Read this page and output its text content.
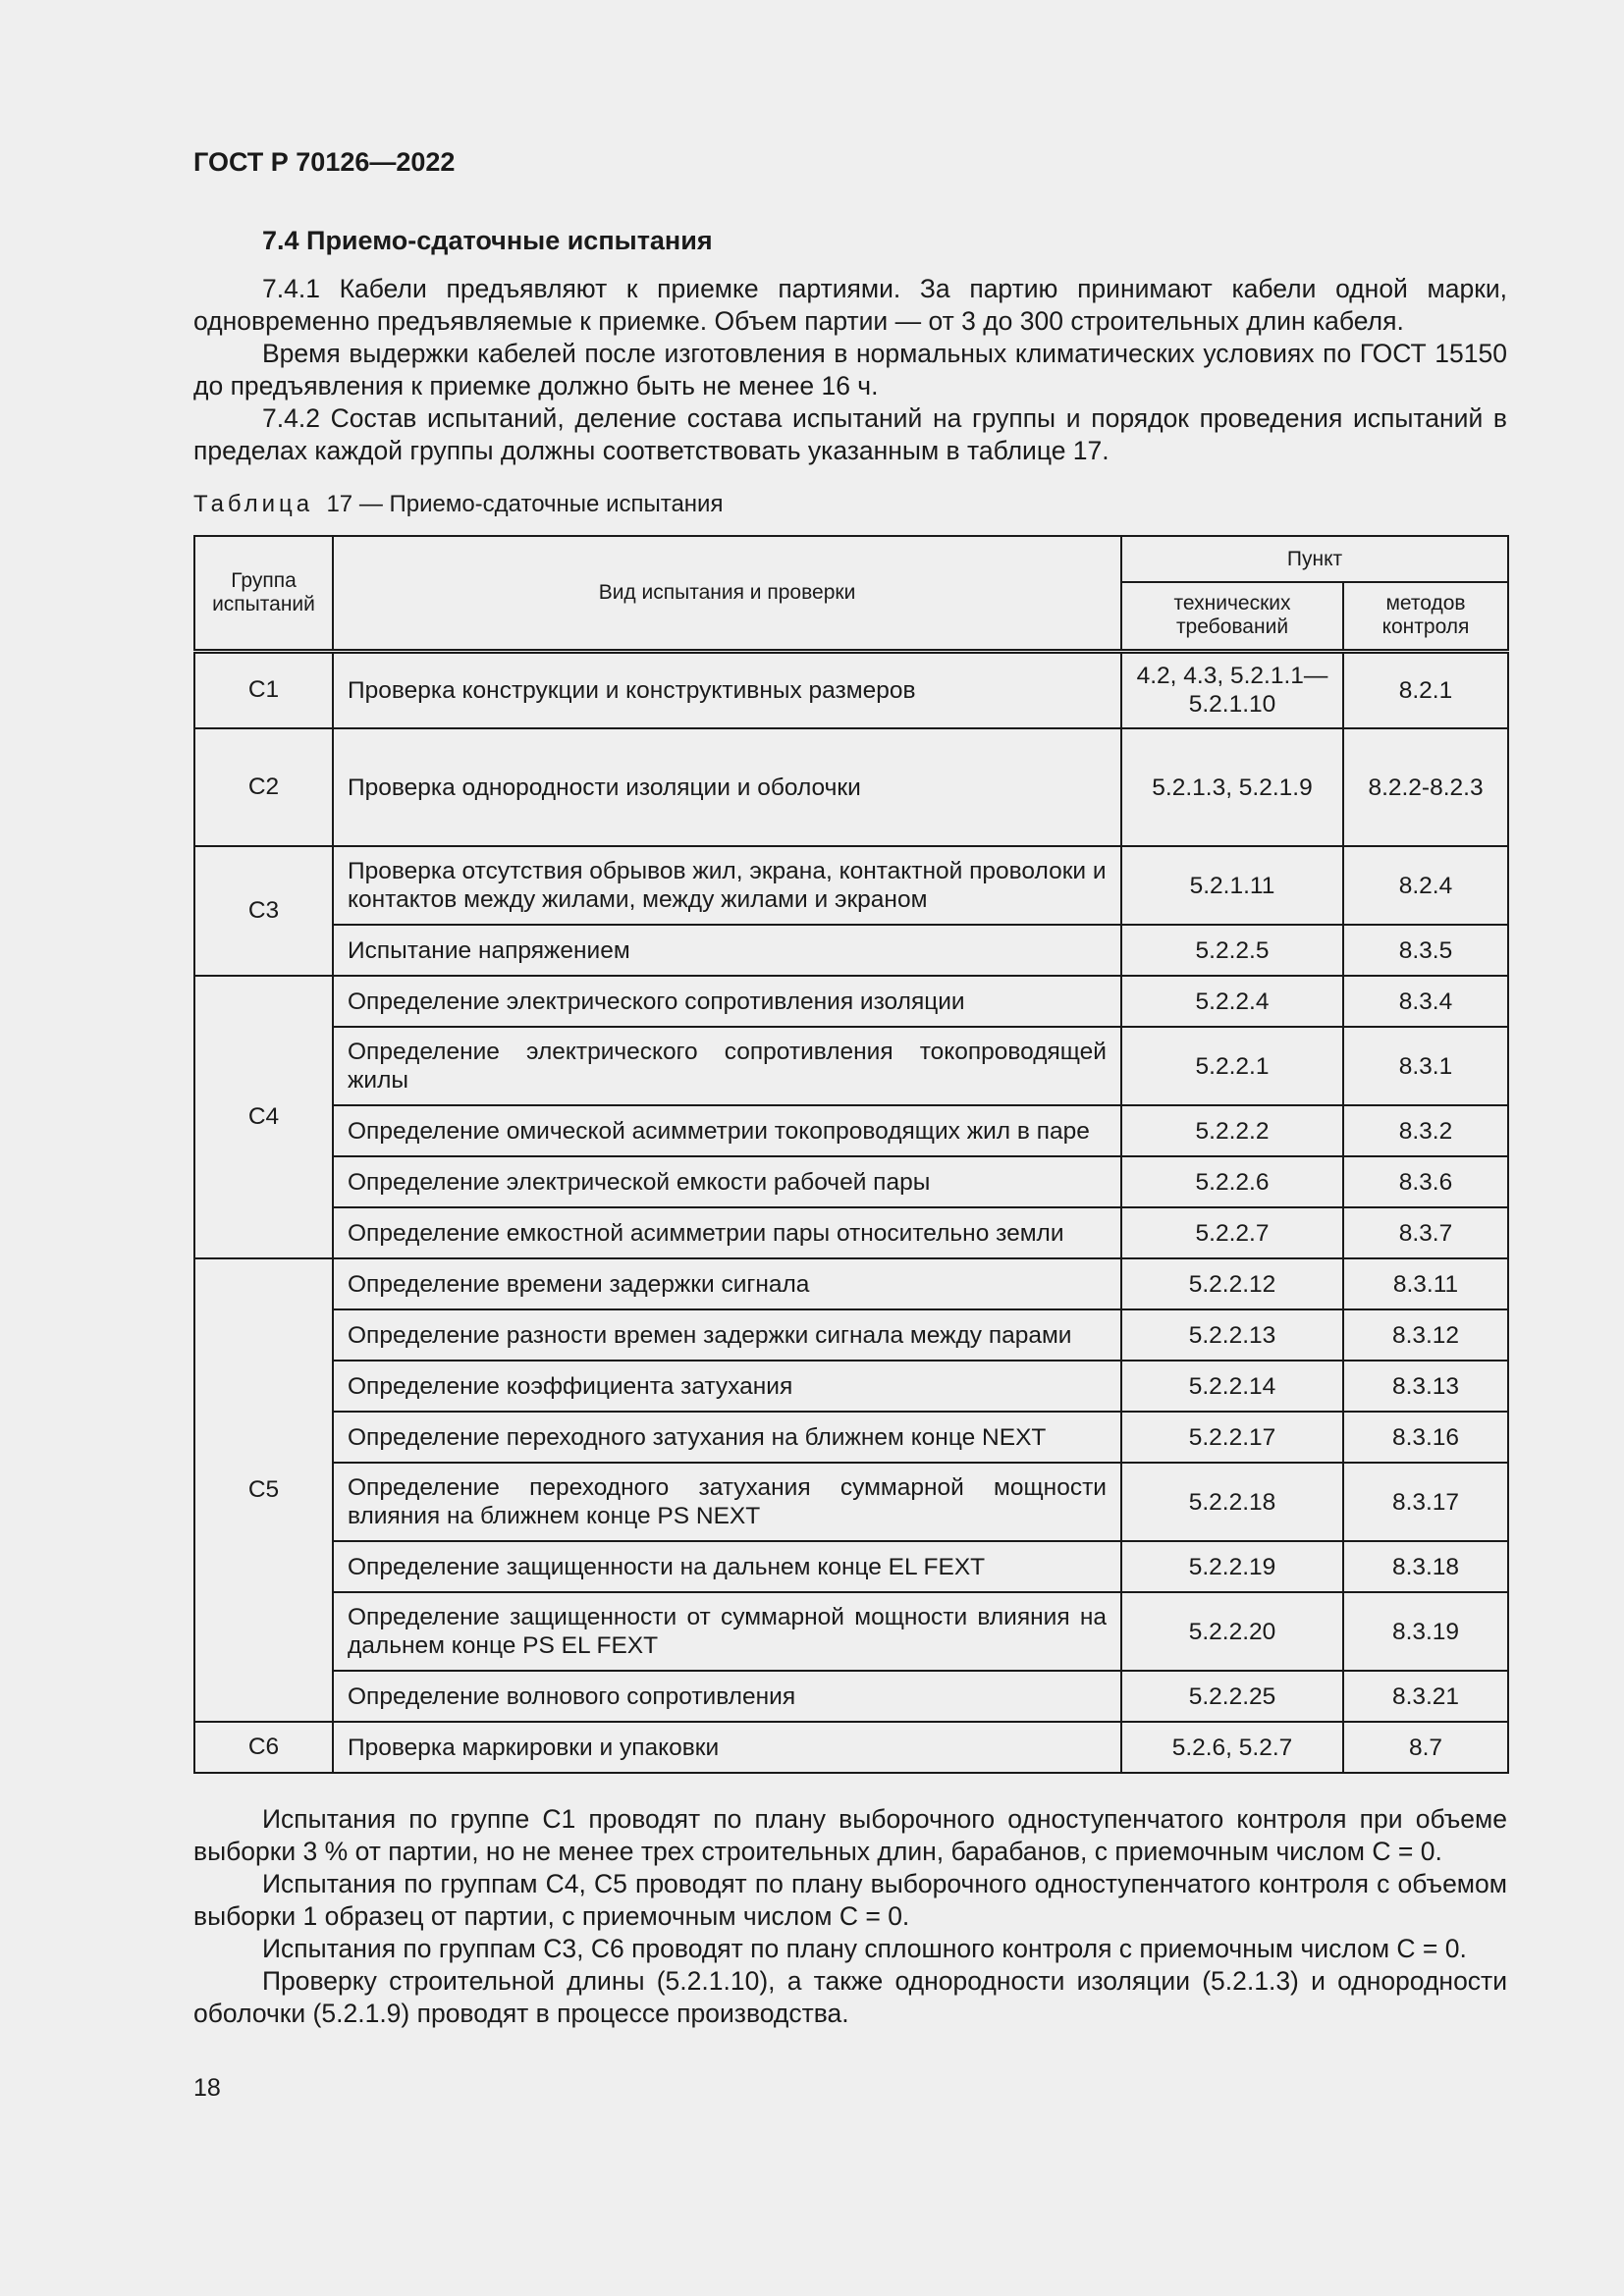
ГОСТ Р 70126—2022
7.4 Приемо-сдаточные испытания

7.4.1 Кабели предъявляют к приемке партиями. За партию принимают кабели одной марки, одновременно предъявляемые к приемке. Объем партии — от 3 до 300 строительных длин кабеля.

Время выдержки кабелей после изготовления в нормальных климатических условиях по ГОСТ 15150 до предъявления к приемке должно быть не менее 16 ч.

7.4.2 Состав испытаний, деление состава испытаний на группы и порядок проведения испытаний в пределах каждой группы должны соответствовать указанным в таблице 17.

Таблица 17 — Приемо-сдаточные испытания
Группа испытаний	Вид испытания и проверки	Пункт	
		технических требований	методов контроля
С1	Проверка конструкции и конструктивных размеров	4.2, 4.3, 5.2.1.1—5.2.1.10	8.2.1
С2	Проверка однородности изоляции и оболочки	5.2.1.3, 5.2.1.9	8.2.2-8.2.3
С3	Проверка отсутствия обрывов жил, экрана, контактной проволоки и контактов между жилами, между жилами и экраном	5.2.1.11	8.2.4
	Испытание напряжением	5.2.2.5	8.3.5
С4	Определение электрического сопротивления изоляции	5.2.2.4	8.3.4
	Определение электрического сопротивления токопроводящей жилы	5.2.2.1	8.3.1
	Определение омической асимметрии токопроводящих жил в паре	5.2.2.2	8.3.2
	Определение электрической емкости рабочей пары	5.2.2.6	8.3.6
	Определение емкостной асимметрии пары относительно земли	5.2.2.7	8.3.7
С5	Определение времени задержки сигнала	5.2.2.12	8.3.11
	Определение разности времен задержки сигнала между парами	5.2.2.13	8.3.12
	Определение коэффициента затухания	5.2.2.14	8.3.13
	Определение переходного затухания на ближнем конце NEXT	5.2.2.17	8.3.16
	Определение переходного затухания суммарной мощности влияния на ближнем конце PS NEXT	5.2.2.18	8.3.17
	Определение защищенности на дальнем конце EL FEXT	5.2.2.19	8.3.18
	Определение защищенности от суммарной мощности влияния на дальнем конце PS EL FEXT	5.2.2.20	8.3.19
	Определение волнового сопротивления	5.2.2.25	8.3.21
С6	Проверка маркировки и упаковки	5.2.6, 5.2.7	8.7

Испытания по группе С1 проводят по плану выборочного одноступенчатого контроля при объеме выборки 3 % от партии, но не менее трех строительных длин, барабанов, с приемочным числом С = 0.

Испытания по группам С4, С5 проводят по плану выборочного одноступенчатого контроля с объемом выборки 1 образец от партии, с приемочным числом С = 0.

Испытания по группам С3, С6 проводят по плану сплошного контроля с приемочным числом С = 0.

Проверку строительной длины (5.2.1.10), а также однородности изоляции (5.2.1.3) и однородности оболочки (5.2.1.9) проводят в процессе производства.

18
